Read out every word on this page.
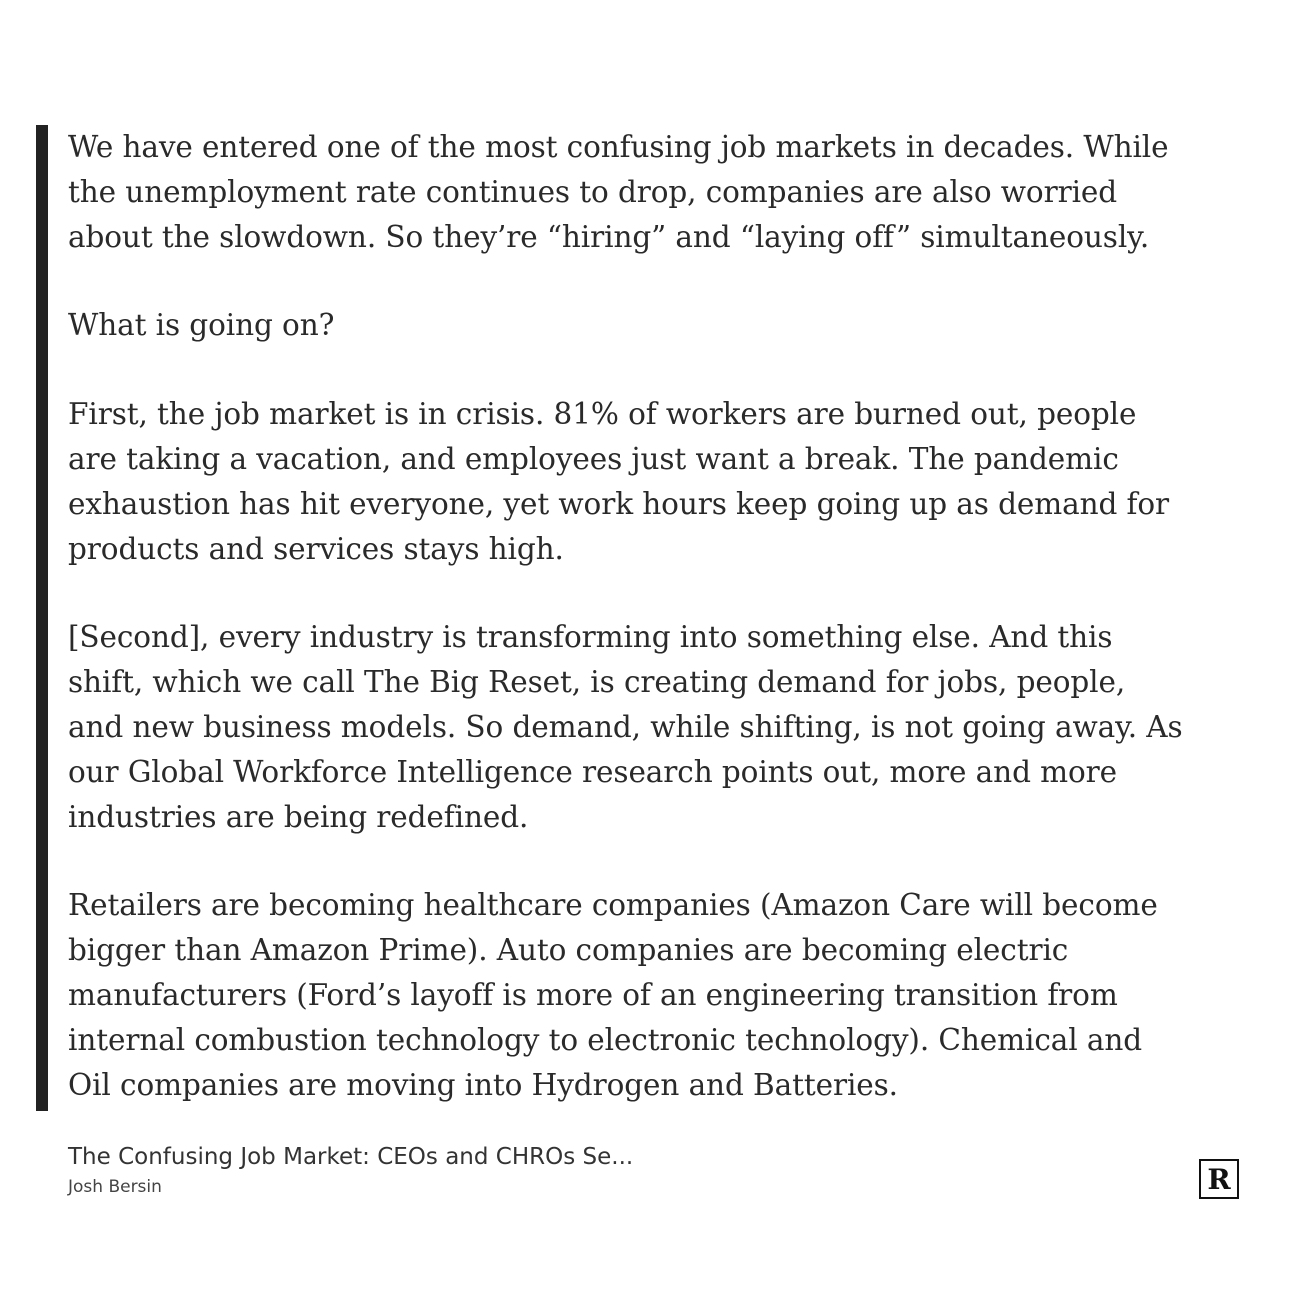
We have entered one of the most confusing job markets in decades. While the unemployment rate continues to drop, companies are also worried about the slowdown. So they’re “hiring” and “laying off” simultaneously.

What is going on?

First, the job market is in crisis. 81% of workers are burned out, people are taking a vacation, and employees just want a break. The pandemic exhaustion has hit everyone, yet work hours keep going up as demand for products and services stays high.

[Second], every industry is transforming into something else. And this shift, which we call The Big Reset, is creating demand for jobs, people, and new business models. So demand, while shifting, is not going away. As our Global Workforce Intelligence research points out, more and more industries are being redefined.

Retailers are becoming healthcare companies (Amazon Care will become bigger than Amazon Prime). Auto companies are becoming electric manufacturers (Ford’s layoff is more of an engineering transition from internal combustion technology to electronic technology). Chemical and Oil companies are moving into Hydrogen and Batteries.

The Confusing Job Market: CEOs and CHROs Se...
Josh Bersin	R
